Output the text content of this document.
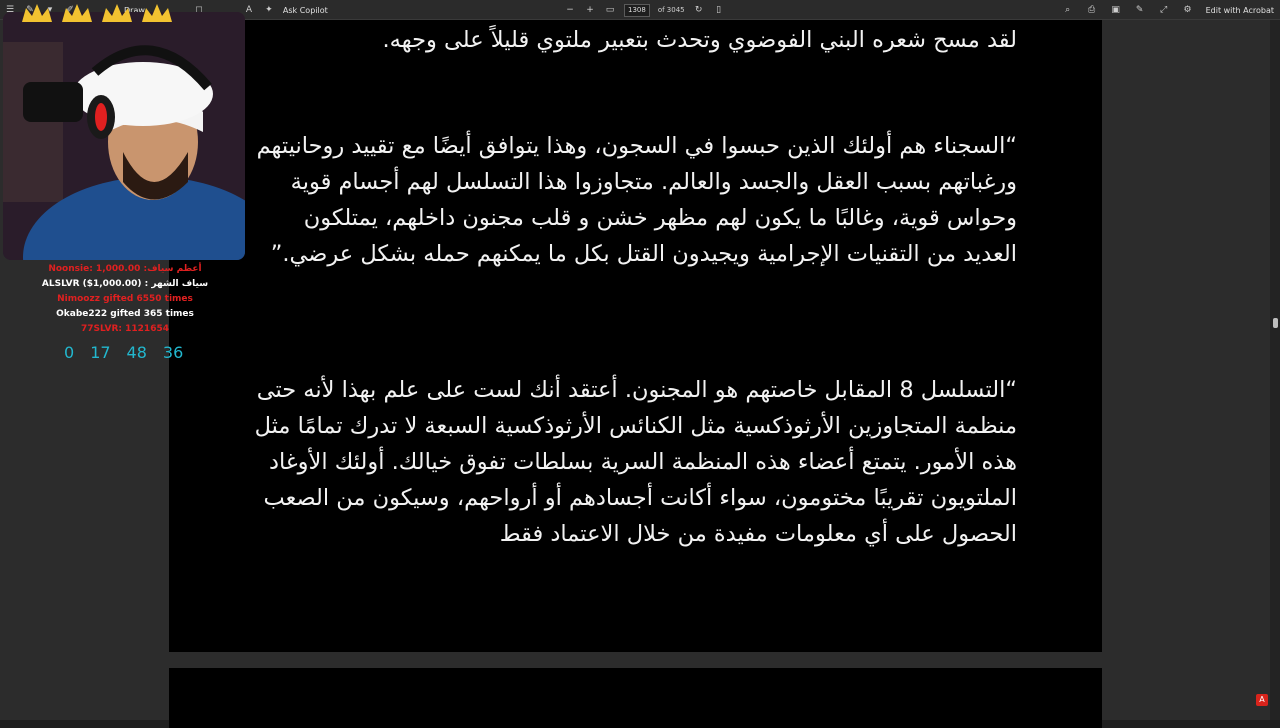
☰ ✎	▾	✐	Draw	◻	A	✦ Ask Copilot	− + ▭	1308	of 3045 ↻	▯	⌕	⎙ ▣ ✎ ⤢ ⚙ Edit with Acrobat
لقد مسح شعره البني الفوضوي وتحدث بتعبير ملتوي قليلاً على وجهه.
“السجناء هم أولئك الذين حبسوا في السجون، وهذا يتوافق أيضًا مع تقييد روحانيتهم ورغباتهم بسبب العقل والجسد والعالم. متجاوزوا هذا التسلسل لهم أجسام قوية وحواس قوية، وغالبًا ما يكون لهم مظهر خشن و قلب مجنون داخلهم، يمتلكون العديد من التقنيات الإجرامية ويجيدون القتل بكل ما يمكنهم حمله بشكل عرضي.”
“التسلسل 8 المقابل خاصتهم هو المجنون. أعتقد أنك لست على علم بهذا لأنه حتى منظمة المتجاوزين الأرثوذكسية مثل الكنائس الأرثوذكسية السبعة لا تدرك تمامًا مثل هذه الأمور. يتمتع أعضاء هذه المنظمة السرية بسلطات تفوق خيالك. أولئك الأوغاد الملتويون تقريبًا مختومون، سواء أكانت أجسادهم أو أرواحهم، وسيكون من الصعب الحصول على أي معلومات مفيدة من خلال الاعتماد فقط
A
Noonsie: 1,000.00 :أعظم سياف
ALSLVR ($1,000.00) : سياف الشهر
Nimoozz gifted 6550 times
Okabe222 gifted 365 times
77SLVR: 1121654
0 17 48 36
